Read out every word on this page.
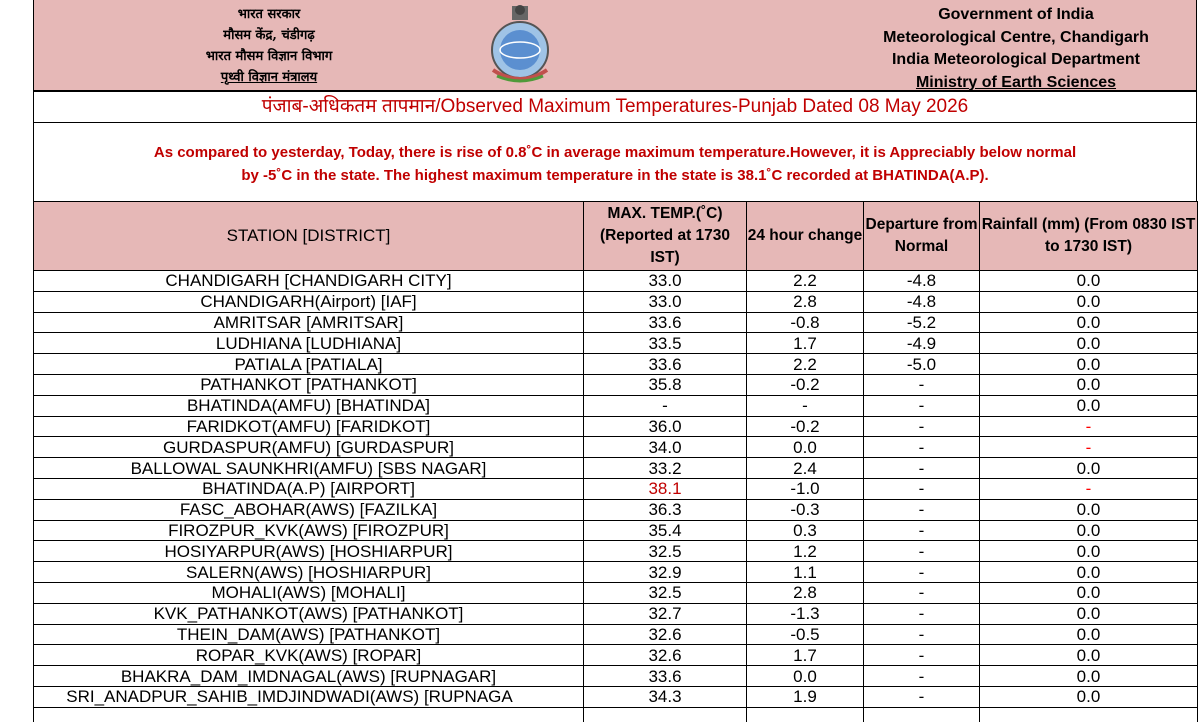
भारत सरकार
मौसम केंद्र, चंडीगढ़
भारत मौसम विज्ञान विभाग
पृथ्वी विज्ञान मंत्रालय
Government of India
Meteorological Centre, Chandigarh
India Meteorological Department
Ministry of Earth Sciences
पंजाब-अधिकतम तापमान/Observed Maximum Temperatures-Punjab Dated 08 May 2026
As compared to yesterday, Today, there is rise of 0.8˚C in average maximum temperature.However, it is Appreciably below normal
by -5˚C in the state. The highest maximum temperature in the state is 38.1˚C recorded at BHATINDA(A.P).
STATION [DISTRICT]	MAX. TEMP.(˚C) (Reported at 1730 IST)	24 hour change	Departure from Normal	Rainfall (mm) (From 0830 IST to 1730 IST)
CHANDIGARH [CHANDIGARH CITY]	33.0	2.2	-4.8	0.0
CHANDIGARH(Airport) [IAF]	33.0	2.8	-4.8	0.0
AMRITSAR [AMRITSAR]	33.6	-0.8	-5.2	0.0
LUDHIANA [LUDHIANA]	33.5	1.7	-4.9	0.0
PATIALA [PATIALA]	33.6	2.2	-5.0	0.0
PATHANKOT [PATHANKOT]	35.8	-0.2	-	0.0
BHATINDA(AMFU) [BHATINDA]	-	-	-	0.0
FARIDKOT(AMFU) [FARIDKOT]	36.0	-0.2	-	-
GURDASPUR(AMFU) [GURDASPUR]	34.0	0.0	-	-
BALLOWAL SAUNKHRI(AMFU) [SBS NAGAR]	33.2	2.4	-	0.0
BHATINDA(A.P) [AIRPORT]	38.1	-1.0	-	-
FASC_ABOHAR(AWS) [FAZILKA]	36.3	-0.3	-	0.0
FIROZPUR_KVK(AWS) [FIROZPUR]	35.4	0.3	-	0.0
HOSIYARPUR(AWS) [HOSHIARPUR]	32.5	1.2	-	0.0
SALERN(AWS) [HOSHIARPUR]	32.9	1.1	-	0.0
MOHALI(AWS) [MOHALI]	32.5	2.8	-	0.0
KVK_PATHANKOT(AWS) [PATHANKOT]	32.7	-1.3	-	0.0
THEIN_DAM(AWS) [PATHANKOT]	32.6	-0.5	-	0.0
ROPAR_KVK(AWS) [ROPAR]	32.6	1.7	-	0.0
BHAKRA_DAM_IMDNAGAL(AWS) [RUPNAGAR]	33.6	0.0	-	0.0
SRI_ANADPUR_SAHIB_IMDJINDWADI(AWS) [RUPNAGA	34.3	1.9	-	0.0
